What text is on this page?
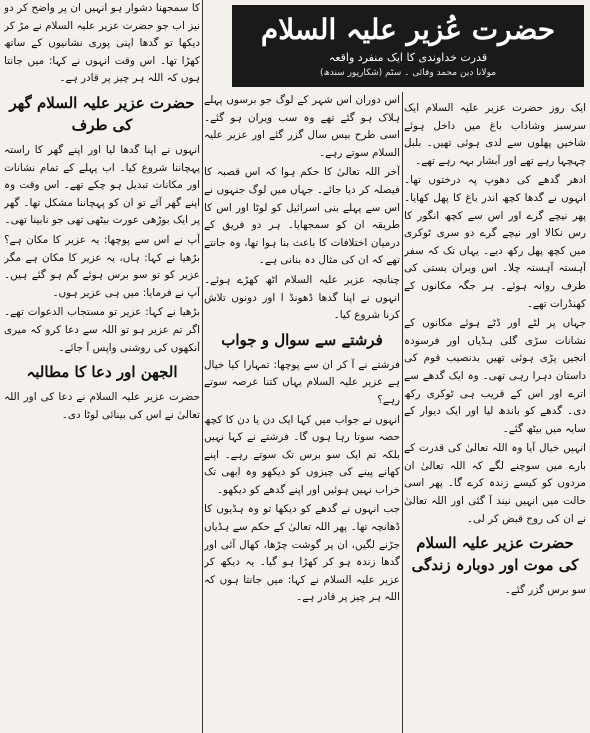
حضرت عُزیر علیہ السلام
قدرت خداوندی کا ایک منفرد واقعہ
مولانا دین محمد وفائی ۔ سٹم (شکارپور سندھ)

ایک روز حضرت عزیر علیہ السلام ایک سرسبز وشاداب باغ میں داخل ہوئے شاخیں پھلوں سے لدی ہوئی تھیں۔ بلبل چہچہا رہے تھے اور آبشار بہہ رہے تھے۔

ادھر گدھے کی دھوپ پہ درختوں تھا۔ انہوں نے گدھا کچھ اندر باغ کا پھل کھایا۔ پھر نیچے گرے اور اس سے کچھ انگور کا رس نکالا اور نیچے گرے دو سری ٹوکری میں کچھ پھل رکھ دیے۔ یہاں تک کہ سفر آہستہ آہستہ چلا۔ اس ویران بستی کی طرف روانہ ہوئے۔ ہر جگہ مکانوں کے کھنڈرات تھے۔

جہاں پر لٹے اور ڈٹے ہوئے مکانوں کے نشانات سڑی گلی ہڈیاں اور فرسودہ انجیں پڑی ہوئی تھیں بدنصیب قوم کی داستان دہرا رہی تھی۔ وہ ایک گدھے سے اترے اور اس کے قریب ہی ٹوکری رکھ دی۔ گدھے کو باندھ لیا اور ایک دیوار کے سایہ میں بیٹھ گئے۔

انہیں خیال آیا وہ اللہ تعالیٰ کی قدرت کے بارے میں سوچنے لگے کہ اللہ تعالیٰ ان مردوں کو کیسے زندہ کرے گا۔ پھر اسی حالت میں انہیں نیند آ گئی اور اللہ تعالیٰ نے ان کی روح قبض کر لی۔

حضرت عزیر علیہ السلام کی موت اور دوبارہ زندگی

سو برس گزر گئے۔

اس دوران اس شہر کے لوگ جو برسوں پہلے ہلاک ہو گئے تھے وہ سب ویران ہو گئے۔ اسی طرح بیس سال گزر گئے اور عزیر علیہ السلام سوتے رہے۔

آخر اللہ تعالیٰ کا حکم ہوا کہ اس قصبہ کا فیصلہ کر دیا جائے۔ جہاں میں لوگ جنہوں نے اس سے پہلے بنی اسرائیل کو لوٹا اور اس کا طریقہ ان کو سمجھایا۔ ہر دو فریق کے درمیان اختلافات کا باعث بنا ہوا تھا، وہ جانتے تھے کہ ان کی مثال دہ بنانی ہے۔

چنانچہ عزیر علیہ السلام اٹھ کھڑے ہوئے۔ انہوں نے اپنا گدھا ڈھونڈ ا اور دونوں تلاش کرنا شروع کیا۔

فرشتے سے سوال و جواب

فرشتے نے آ کر ان سے پوچھا: تمہارا کیا خیال ہے عزیر علیہ السلام یہاں کتنا عرصہ سوتے رہے؟

انہوں نے جواب میں کہا ایک دن یا دن کا کچھ حصہ سوتا رہا ہوں گا۔ فرشتے نے کہا نہیں بلکہ تم ایک سو برس تک سوتے رہے۔ اپنے کھانے پینے کی چیزوں کو دیکھو وہ ابھی تک خراب نہیں ہوئیں اور اپنے گدھے کو دیکھو۔

جب انہوں نے گدھے کو دیکھا تو وہ ہڈیوں کا ڈھانچہ تھا۔ پھر اللہ تعالیٰ کے حکم سے ہڈیاں جڑنے لگیں، ان پر گوشت چڑھا، کھال آئی اور گدھا زندہ ہو کر کھڑا ہو گیا۔ یہ دیکھ کر عزیر علیہ السلام نے کہا: میں جانتا ہوں کہ اللہ ہر چیز پر قادر ہے۔

کا سمجھنا دشوار ہو انہیں ان پر واضح کر دو نیز اب جو حضرت عزیر علیہ السلام نے مڑ کر دیکھا تو گدھا اپنی پوری نشانیوں کے ساتھ کھڑا تھا۔ اس وقت انہوں نے کہا: میں جانتا ہوں کہ اللہ ہر چیز پر قادر ہے۔

حضرت عزیر علیہ السلام گھر کی طرف

انہوں نے اپنا گدھا لیا اور اپنے گھر کا راستہ پہچاننا شروع کیا۔ اب پہلے کے تمام نشانات اور مکانات تبدیل ہو چکے تھے۔ اس وقت وہ اپنے گھر آئے تو ان کو پہچاننا مشکل تھا۔ گھر پر ایک بوڑھی عورت بیٹھی تھی جو نابینا تھی۔

آپ نے اس سے پوچھا: یہ عزیر کا مکان ہے؟ بڑھیا نے کہا: ہاں، یہ عزیر کا مکان ہے مگر عزیر کو تو سو برس ہوئے گم ہو گئے ہیں۔ آپ نے فرمایا: میں ہی عزیر ہوں۔

بڑھیا نے کہا: عزیر تو مستجاب الدعوات تھے۔ اگر تم عزیر ہو تو اللہ سے دعا کرو کہ میری آنکھوں کی روشنی واپس آ جائے۔

الجھن اور دعا کا مطالبہ

حضرت عزیر علیہ السلام نے دعا کی اور اللہ تعالیٰ نے اس کی بینائی لوٹا دی۔
